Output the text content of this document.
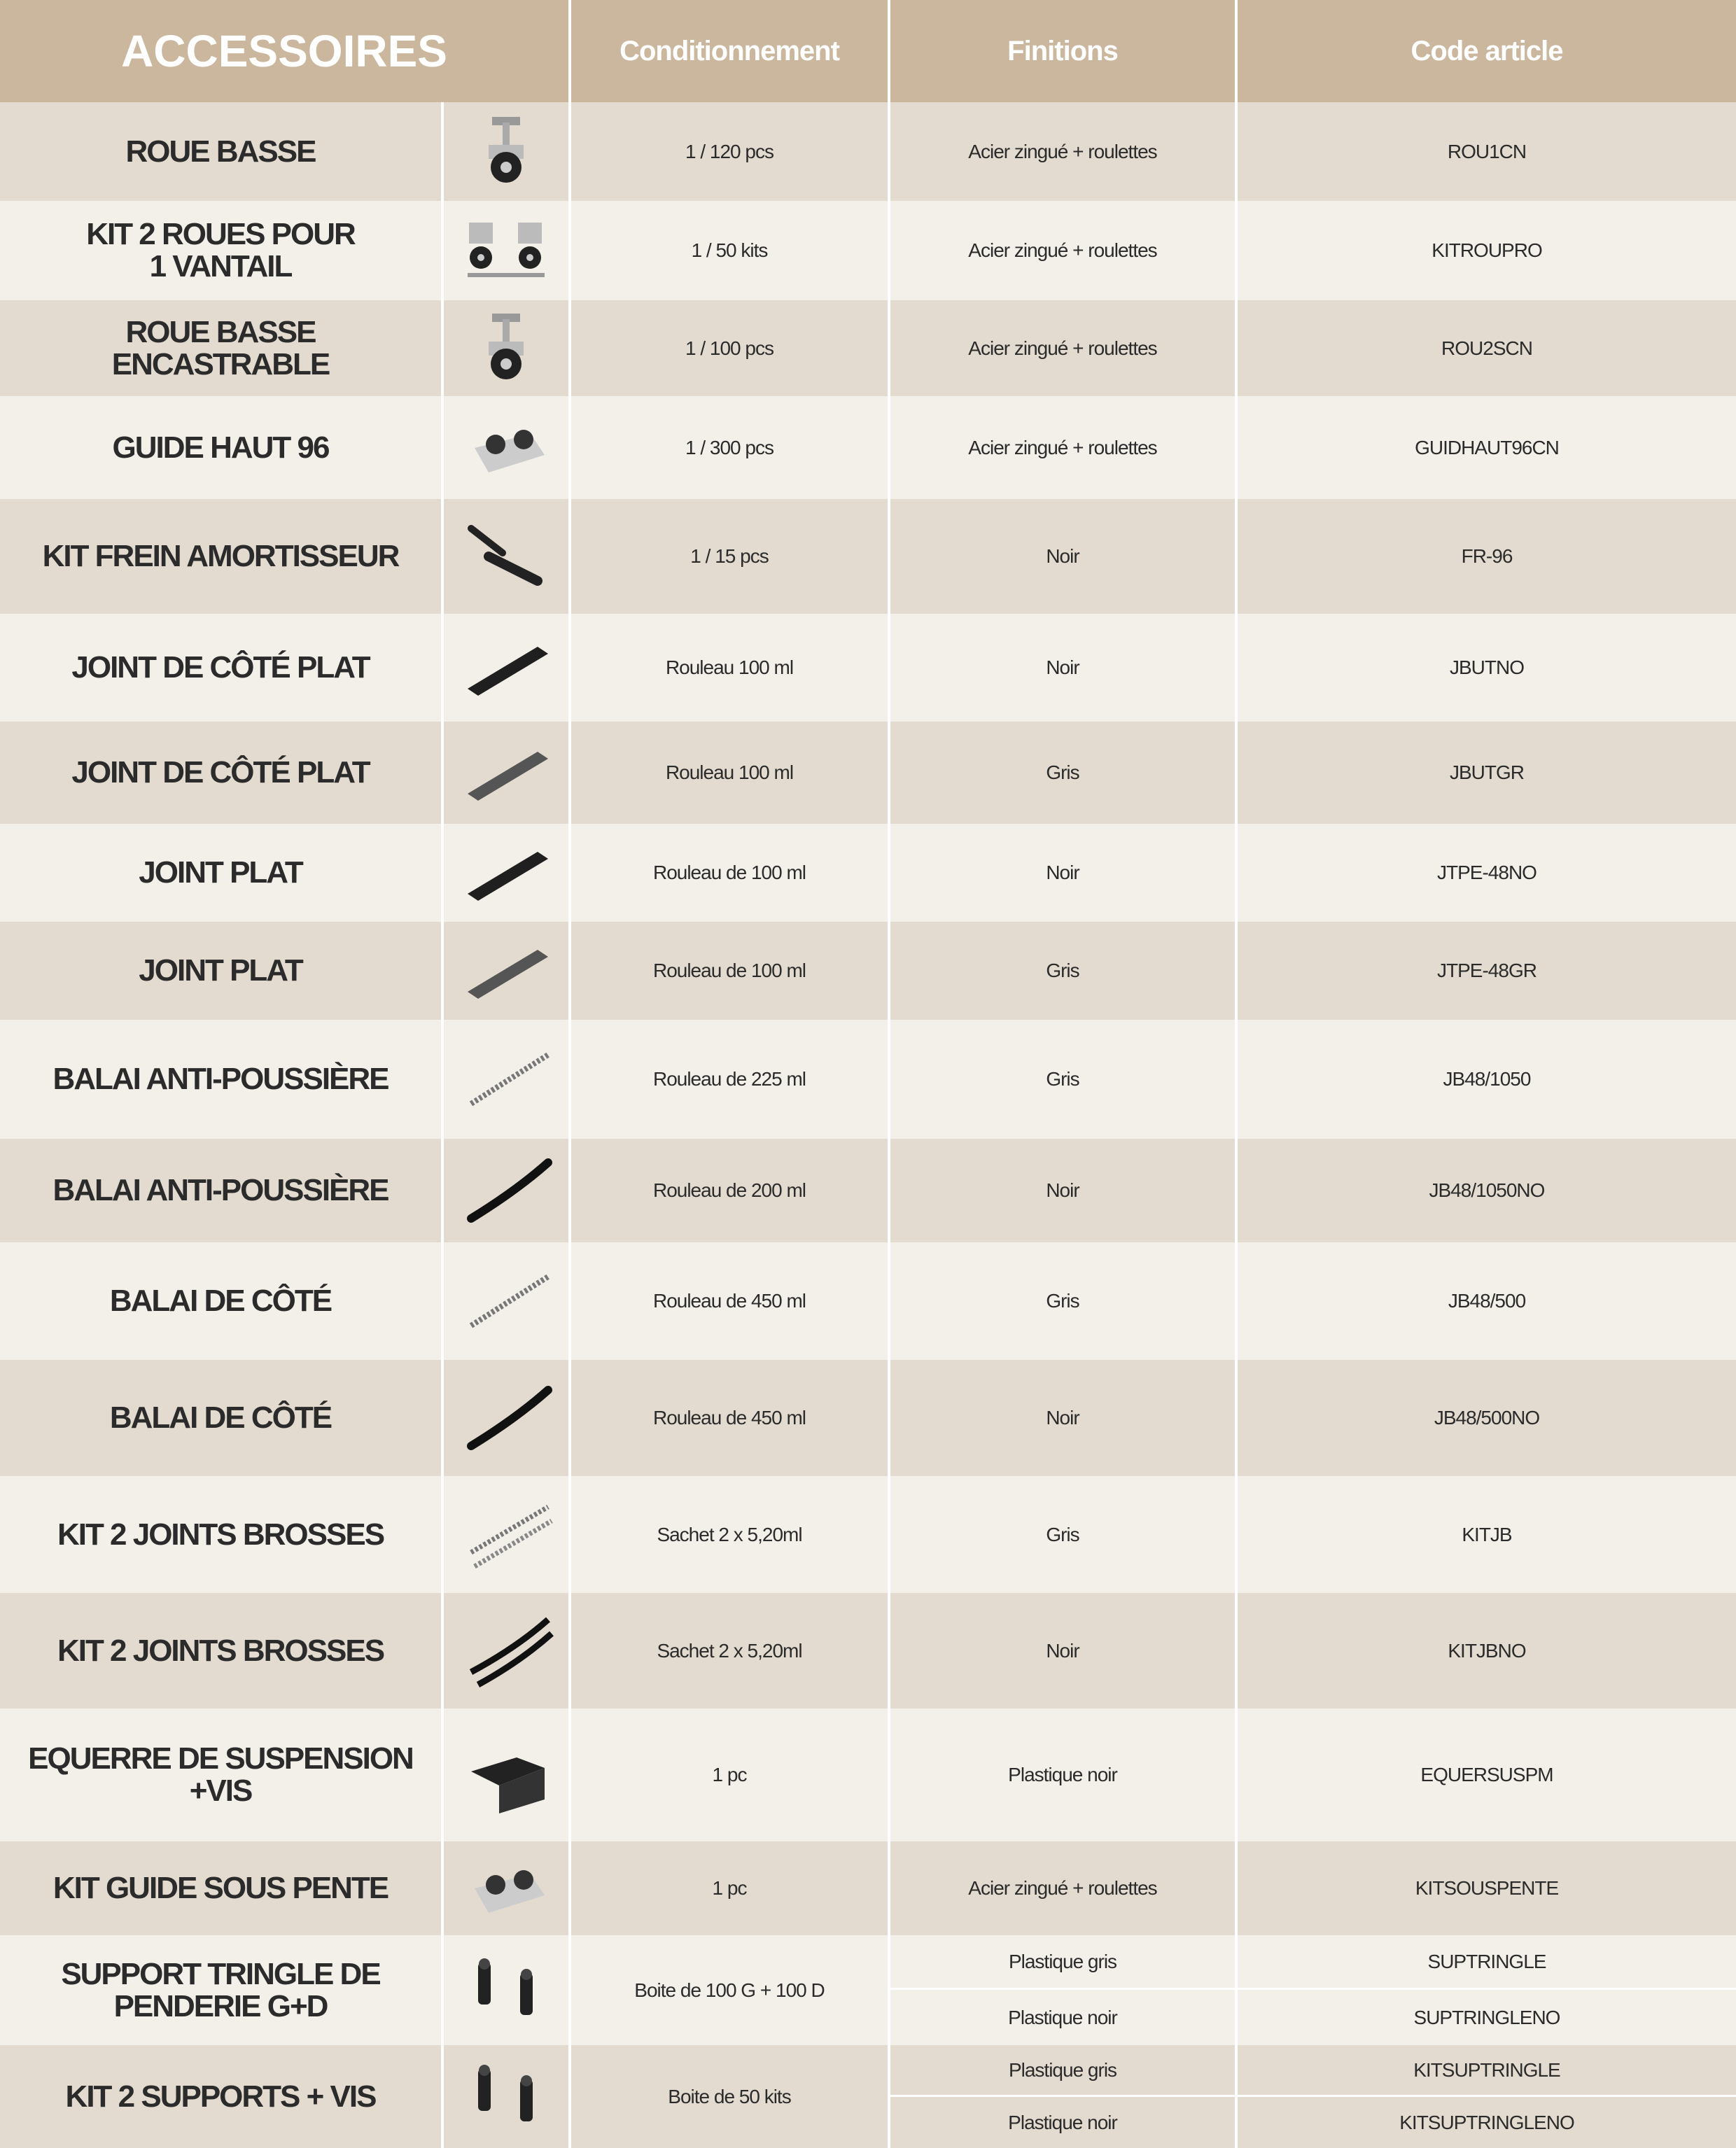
ACCESSOIRES	Conditionnement	Finitions	Code article
ROUE BASSE	1 / 120 pcs	Acier zingué + roulettes	ROU1CN
KIT 2 ROUES POUR
1 VANTAIL	1 / 50 kits	Acier zingué + roulettes	KITROUPRO
ROUE BASSE ENCASTRABLE	1 / 100 pcs	Acier zingué + roulettes	ROU2SCN
GUIDE HAUT 96	1 / 300 pcs	Acier zingué + roulettes	GUIDHAUT96CN
KIT FREIN AMORTISSEUR	1 / 15 pcs	Noir	FR-96
JOINT DE CÔTÉ PLAT	Rouleau 100 ml	Noir	JBUTNO
JOINT DE CÔTÉ PLAT	Rouleau 100 ml	Gris	JBUTGR
JOINT PLAT	Rouleau de 100 ml	Noir	JTPE-48NO
JOINT PLAT	Rouleau de 100 ml	Gris	JTPE-48GR
BALAI ANTI-POUSSIÈRE	Rouleau de 225 ml	Gris	JB48/1050
BALAI ANTI-POUSSIÈRE	Rouleau de 200 ml	Noir	JB48/1050NO
BALAI DE CÔTÉ	Rouleau de 450 ml	Gris	JB48/500
BALAI DE CÔTÉ	Rouleau de 450 ml	Noir	JB48/500NO
KIT 2 JOINTS BROSSES	Sachet 2 x 5,20ml	Gris	KITJB
KIT 2 JOINTS BROSSES	Sachet 2 x 5,20ml	Noir	KITJBNO
EQUERRE DE SUSPENSION
+VIS	1 pc	Plastique noir	EQUERSUSPM
KIT GUIDE SOUS PENTE	1 pc	Acier zingué + roulettes	KITSOUSPENTE
SUPPORT TRINGLE DE
PENDERIE G+D	Boite de 100 G + 100 D
Plastique gris	SUPTRINGLE
Plastique noir	SUPTRINGLENO
KIT 2 SUPPORTS + VIS	Boite de 50 kits
Plastique gris	KITSUPTRINGLE
Plastique noir	KITSUPTRINGLENO
